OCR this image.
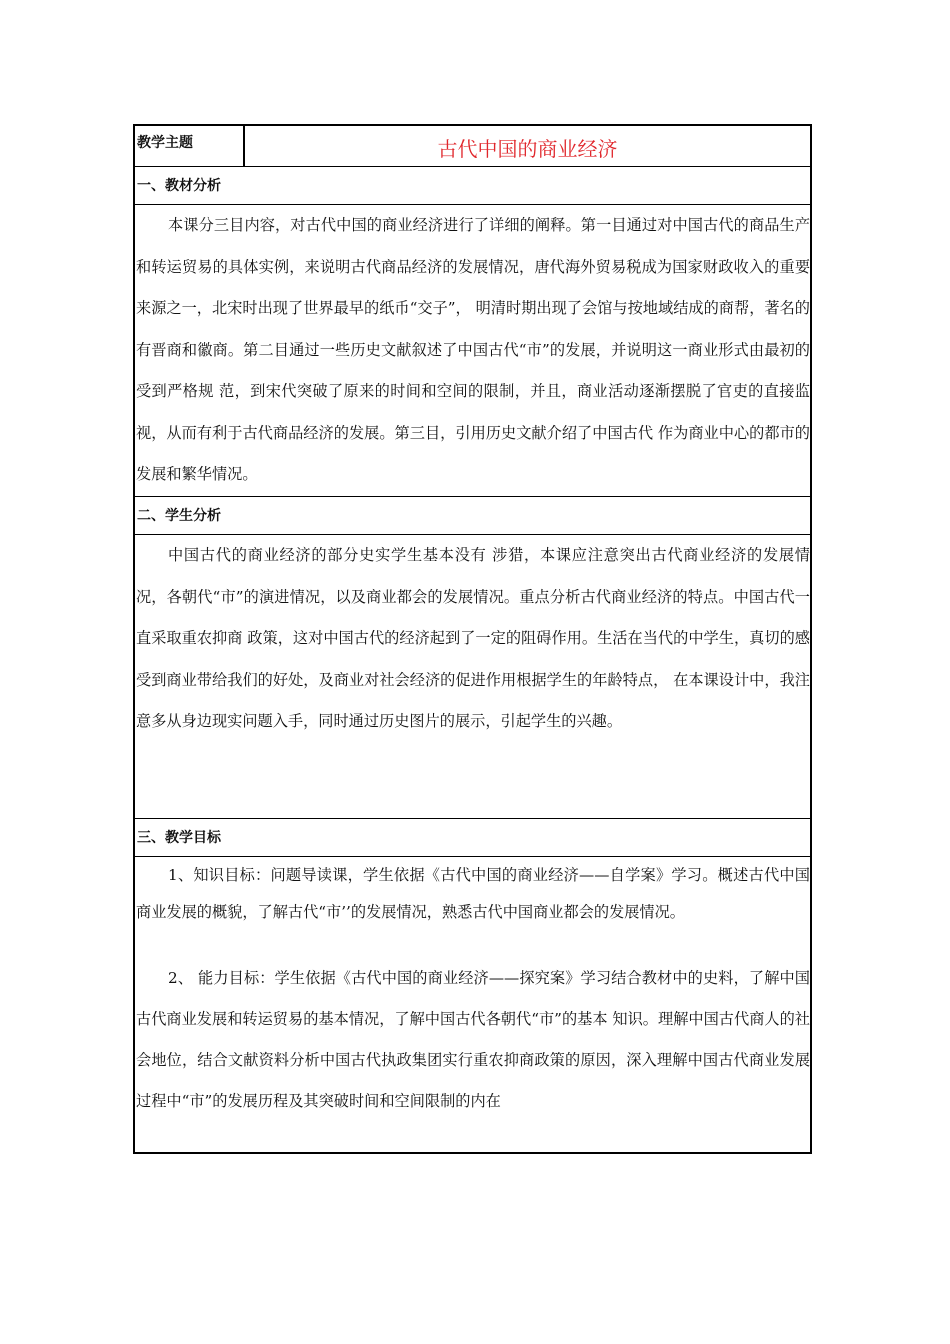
教学主题	古代中国的商业经济
一、教材分析

本课分三目内容，对古代中国的商业经济进行了详细的阐释。第一目通过对中国古代的商品生产和转运贸易的具体实例，来说明古代商品经济的发展情况，唐代海外贸易税成为国家财政收入的重要来源之一，北宋时出现了世界最早的纸币“交子”， 明清时期出现了会馆与按地域结成的商帮，著名的有晋商和徽商。第二目通过一些历史文献叙述了中国古代“市”的发展，并说明这一商业形式由最初的受到严格规 范，到宋代突破了原来的时间和空间的限制，并且，商业活动逐渐摆脱了官吏的直接监视，从而有利于古代商品经济的发展。第三目，引用历史文献介绍了中国古代 作为商业中心的都市的发展和繁华情况。

二、学生分析

中国古代的商业经济的部分史实学生基本没有 涉猎，本课应注意突出古代商业经济的发展情况，各朝代“市”的演进情况，以及商业都会的发展情况。重点分析古代商业经济的特点。中国古代一直采取重农抑商 政策，这对中国古代的经济起到了一定的阻碍作用。生活在当代的中学生，真切的感受到商业带给我们的好处，及商业对社会经济的促进作用根据学生的年龄特点， 在本课设计中，我注意多从身边现实问题入手，同时通过历史图片的展示，引起学生的兴趣。

三、教学目标

1、知识目标：问题导读课，学生依据《古代中国的商业经济——自学案》学习。概述古代中国商业发展的概貌，了解古代“市’’的发展情况，熟悉古代中国商业都会的发展情况。

2、 能力目标：学生依据《古代中国的商业经济——探究案》学习结合教材中的史料，了解中国古代商业发展和转运贸易的基本情况，了解中国古代各朝代“市”的基本 知识。理解中国古代商人的社会地位，结合文献资料分析中国古代执政集团实行重农抑商政策的原因，深入理解中国古代商业发展 过程中“市”的发展历程及其突破时间和空间限制的内在
